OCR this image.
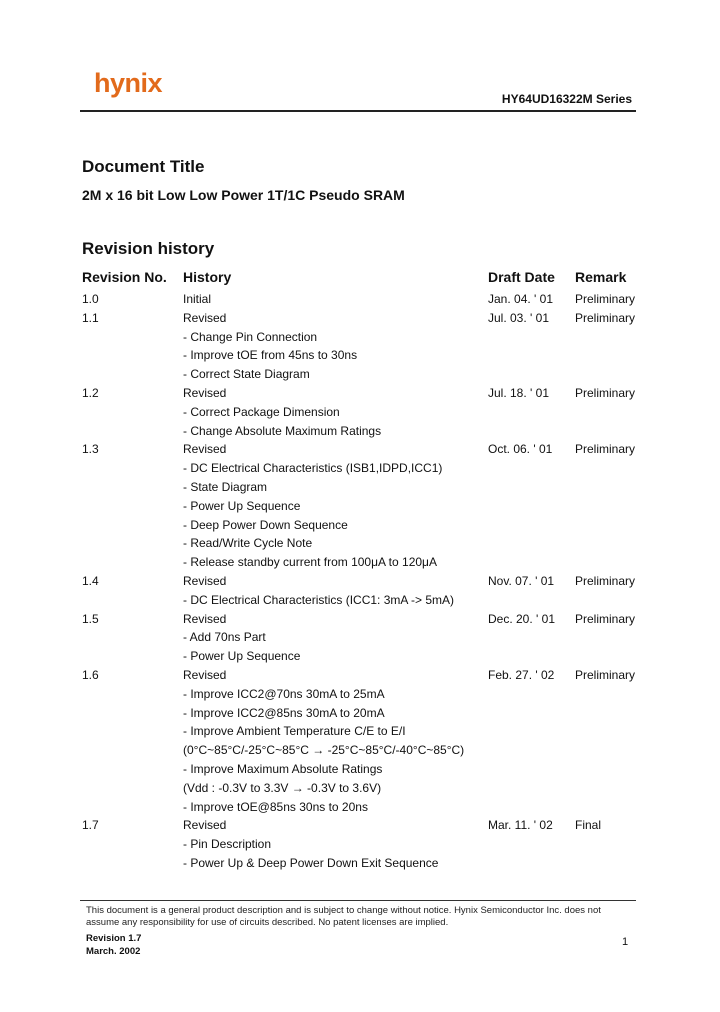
hynix
HY64UD16322M Series
Document Title
2M x 16 bit Low Low Power 1T/1C Pseudo SRAM
Revision history
Revision No. History	Draft Date Remark
1.0	Initial	Jan. 04. ' 01 Preliminary
1.1	Revised	Jul. 03. ' 01 Preliminary
- Change Pin Connection
- Improve tOE from 45ns to 30ns
- Correct State Diagram
1.2	Revised	Jul. 18. ' 01 Preliminary
- Correct Package Dimension
- Change Absolute Maximum Ratings
1.3	Revised	Oct. 06. ' 01 Preliminary
- DC Electrical Characteristics (ISB1,IDPD,ICC1)
- State Diagram
- Power Up Sequence
- Deep Power Down Sequence
- Read/Write Cycle Note
- Release standby current from 100μA to 120μA
1.4	Revised	Nov. 07. ' 01 Preliminary
- DC Electrical Characteristics (ICC1: 3mA -> 5mA)
1.5	Revised	Dec. 20. ' 01 Preliminary
- Add 70ns Part
- Power Up Sequence
1.6	Revised	Feb. 27. ' 02 Preliminary
- Improve ICC2@70ns 30mA to 25mA
- Improve ICC2@85ns 30mA to 20mA
- Improve Ambient Temperature C/E to E/I
(0°C~85°C/-25°C~85°C → -25°C~85°C/-40°C~85°C)
- Improve Maximum Absolute Ratings
(Vdd : -0.3V to 3.3V → -0.3V to 3.6V)
- Improve tOE@85ns 30ns to 20ns
1.7	Revised	Mar. 11. ' 02 Final
- Pin Description
- Power Up & Deep Power Down Exit Sequence
This document is a general product description and is subject to change without notice. Hynix Semiconductor Inc. does not assume any responsibility for use of circuits described. No patent licenses are implied.
Revision 1.7
March. 2002
1
